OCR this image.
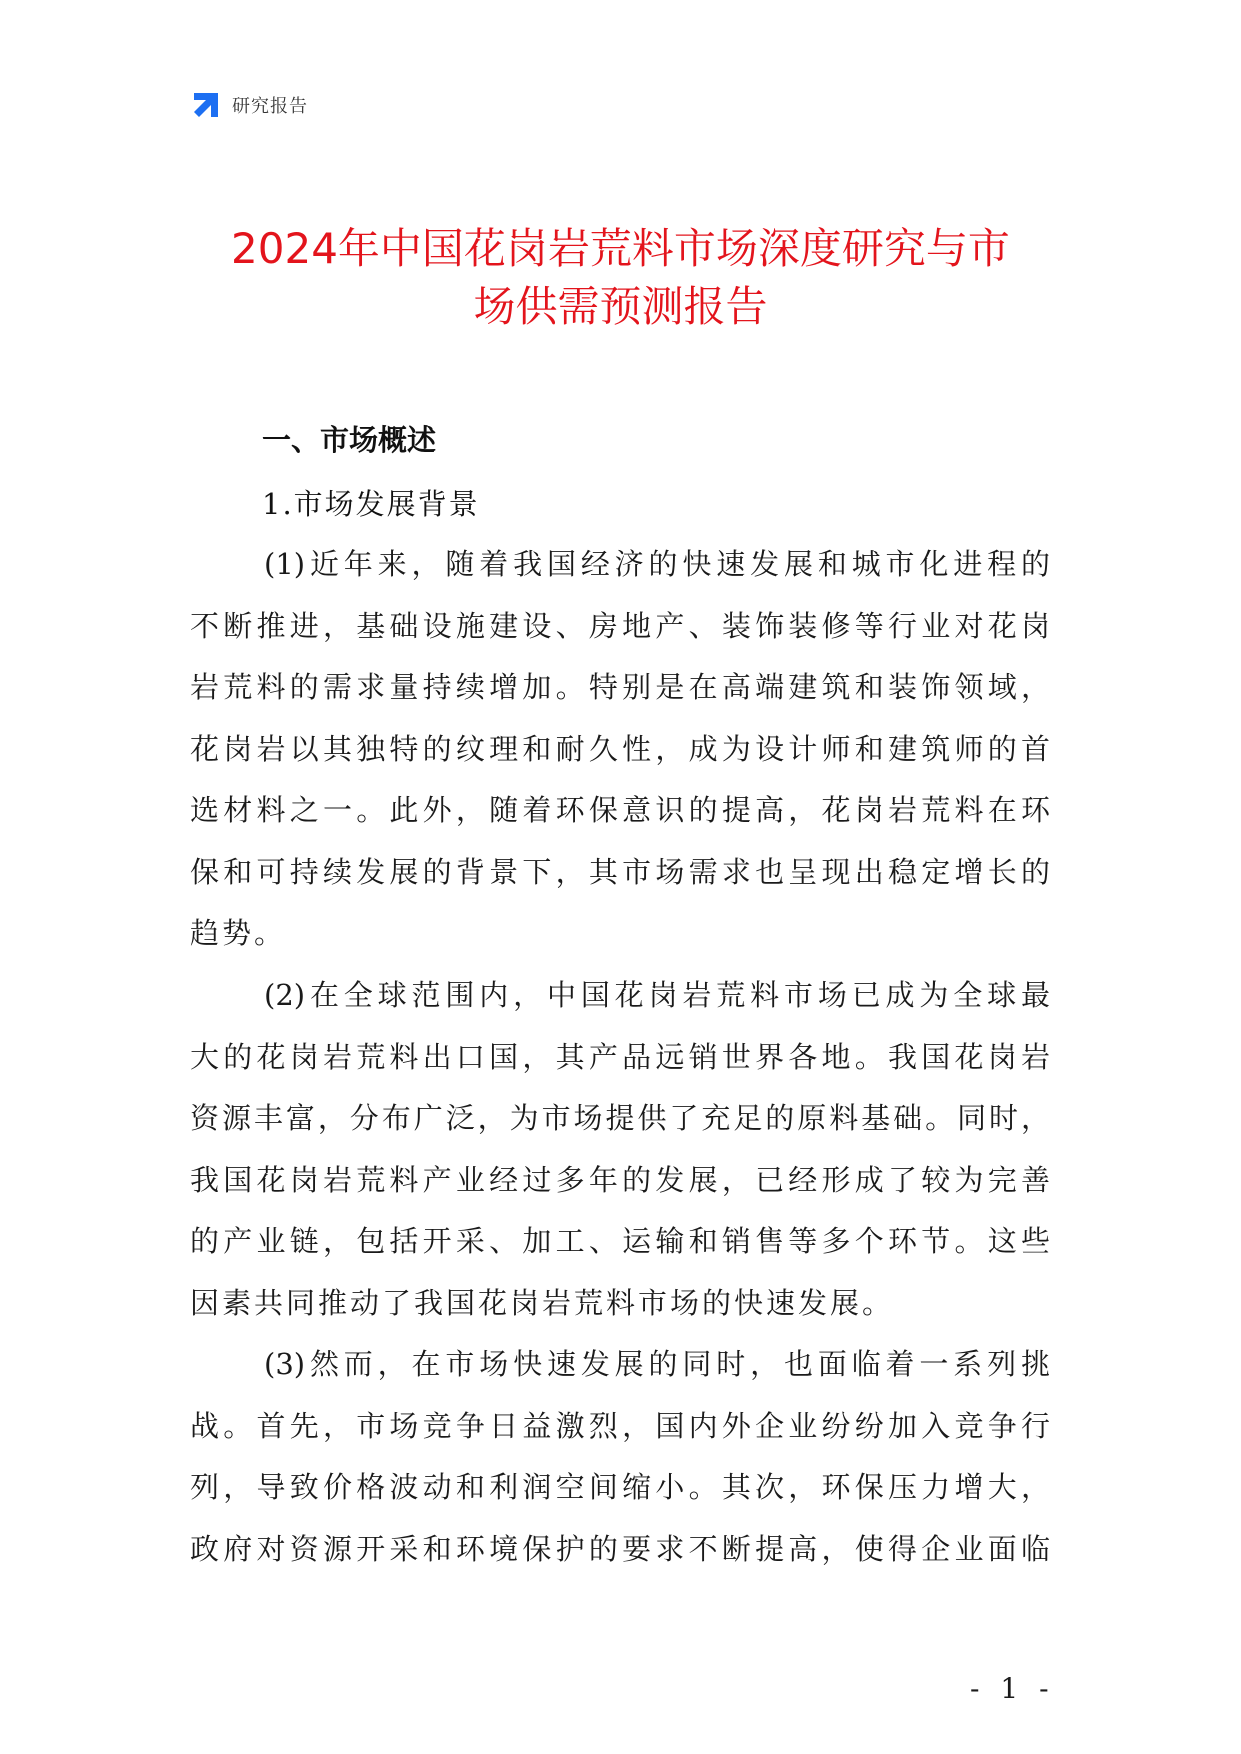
研究报告
2024年中国花岗岩荒料市场深度研究与市
场供需预测报告
一、市场概述
1.市场发展背景
(1)近年来，随着我国经济的快速发展和城市化进程的
不断推进，基础设施建设、房地产、装饰装修等行业对花岗
岩荒料的需求量持续增加。特别是在高端建筑和装饰领域，
花岗岩以其独特的纹理和耐久性，成为设计师和建筑师的首
选材料之一。此外，随着环保意识的提高，花岗岩荒料在环
保和可持续发展的背景下，其市场需求也呈现出稳定增长的
趋势。
(2)在全球范围内，中国花岗岩荒料市场已成为全球最
大的花岗岩荒料出口国，其产品远销世界各地。我国花岗岩
资源丰富，分布广泛，为市场提供了充足的原料基础。同时，
我国花岗岩荒料产业经过多年的发展，已经形成了较为完善
的产业链，包括开采、加工、运输和销售等多个环节。这些
因素共同推动了我国花岗岩荒料市场的快速发展。
(3)然而，在市场快速发展的同时，也面临着一系列挑
战。首先，市场竞争日益激烈，国内外企业纷纷加入竞争行
列，导致价格波动和利润空间缩小。其次，环保压力增大，
政府对资源开采和环境保护的要求不断提高，使得企业面临
- 1 -
